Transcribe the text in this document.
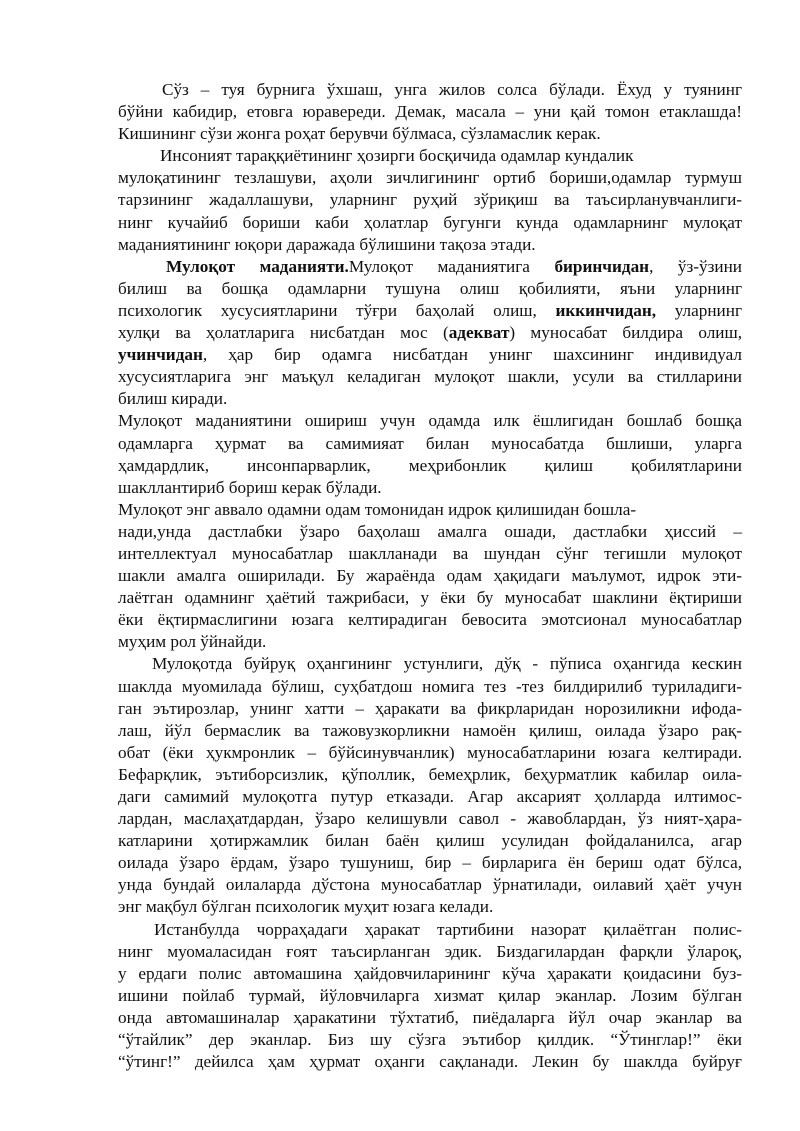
Сўз – туя бурнига ўхшаш, унга жилов солса бўлади. Ёхуд у туянинг
бўйни кабидир, етовга юравереди. Демак, масала – уни қай томон етаклашда!
Кишининг сўзи жонга роҳат берувчи бўлмаса, сўзламаслик керак.
Инсоният тараққиётининг ҳозирги босқичида одамлар кундалик
мулоқатининг тезлашуви, аҳоли зичлигининг ортиб бориши,одамлар турмуш
тарзининг жадаллашуви, уларнинг руҳий зўриқиш ва таъсирланувчанлиги-
нинг кучайиб бориши каби ҳолатлар бугунги кунда одамларнинг мулоқат
маданиятининг юқори даражада бўлишини тақоза этади.
Мулоқот маданияти.Мулоқот маданиятига биринчидан, ўз-ўзини
билиш ва бошқа одамларни тушуна олиш қобилияти, яъни уларнинг
психологик хусусиятларини тўғри баҳолай олиш, иккинчидан, уларнинг
хулқи ва ҳолатларига нисбатдан мос (адекват) муносабат билдира олиш,
учинчидан, ҳар бир одамга нисбатдан унинг шахсининг индивидуал
хусусиятларига энг маъқул келадиган мулоқот шакли, усули ва стилларини
билиш киради.
Мулоқот маданиятини ошириш учун одамда илк ёшлигидан бошлаб бошқа
одамларга ҳурмат ва самимияат билан муносабатда бшлиши, уларга
ҳамдардлик, инсонпарварлик, меҳрибонлик қилиш қобилятларини
шакллантириб бориш керак бўлади.
Мулоқот энг аввало одамни одам томонидан идрок қилишидан бошла-
нади,унда дастлабки ўзаро баҳолаш амалга ошади, дастлабки ҳиссий –
интеллектуал муносабатлар шаклланади ва шундан сўнг тегишли мулоқот
шакли амалга оширилади. Бу жараёнда одам ҳақидаги маълумот, идрок эти-
лаётган одамнинг ҳаётий тажрибаси, у ёки бу муносабат шаклини ёқтириши
ёки ёқтирмаслигини юзага келтирадиган бевосита эмотсионал муносабатлар
муҳим рол ўйнайди.
Мулоқотда буйруқ оҳангининг устунлиги, дўқ - пўписа оҳангида кескин
шаклда муомилада бўлиш, суҳбатдош номига тез -тез билдирилиб туриладиги-
ган эътирозлар, унинг хатти – ҳаракати ва фикрларидан норозиликни ифода-
лаш, йўл бермаслик ва тажовузкорликни намоён қилиш, оилада ўзаро рақ-
обат (ёки ҳукмронлик – бўйсинувчанлик) муносабатларини юзага келтиради.
Бефарқлик, эътиборсизлик, қўполлик, бемеҳрлик, беҳурматлик кабилар оила-
даги самимий мулоқотга путур етказади. Агар аксарият ҳолларда илтимос-
лардан, маслаҳатдардан, ўзаро келишувли савол - жавоблардан, ўз ният-ҳара-
катларини ҳотиржамлик билан баён қилиш усулидан фойдаланилса, агар
оилада ўзаро ёрдам, ўзаро тушуниш, бир – бирларига ён бериш одат бўлса,
унда бундай оилаларда дўстона муносабатлар ўрнатилади, оилавий ҳаёт учун
энг мақбул бўлган психологик муҳит юзага келади.
Истанбулда чорраҳадаги ҳаракат тартибини назорат қилаётган полис-
нинг муомаласидан ғоят таъсирланган эдик. Биздагилардан фарқли ўлароқ,
у ердаги полис автомашина ҳайдовчиларининг кўча ҳаракати қоидасини буз-
ишини пойлаб турмай, йўловчиларга хизмат қилар эканлар. Лозим бўлган
онда автомашиналар ҳаракатини тўхтатиб, пиёдаларга йўл очар эканлар ва
“ўтайлик” дер эканлар. Биз шу сўзга эътибор қилдик. “Ўтинглар!” ёки
“ўтинг!” дейилса ҳам ҳурмат оҳанги сақланади. Лекин бу шаклда буйруғ
